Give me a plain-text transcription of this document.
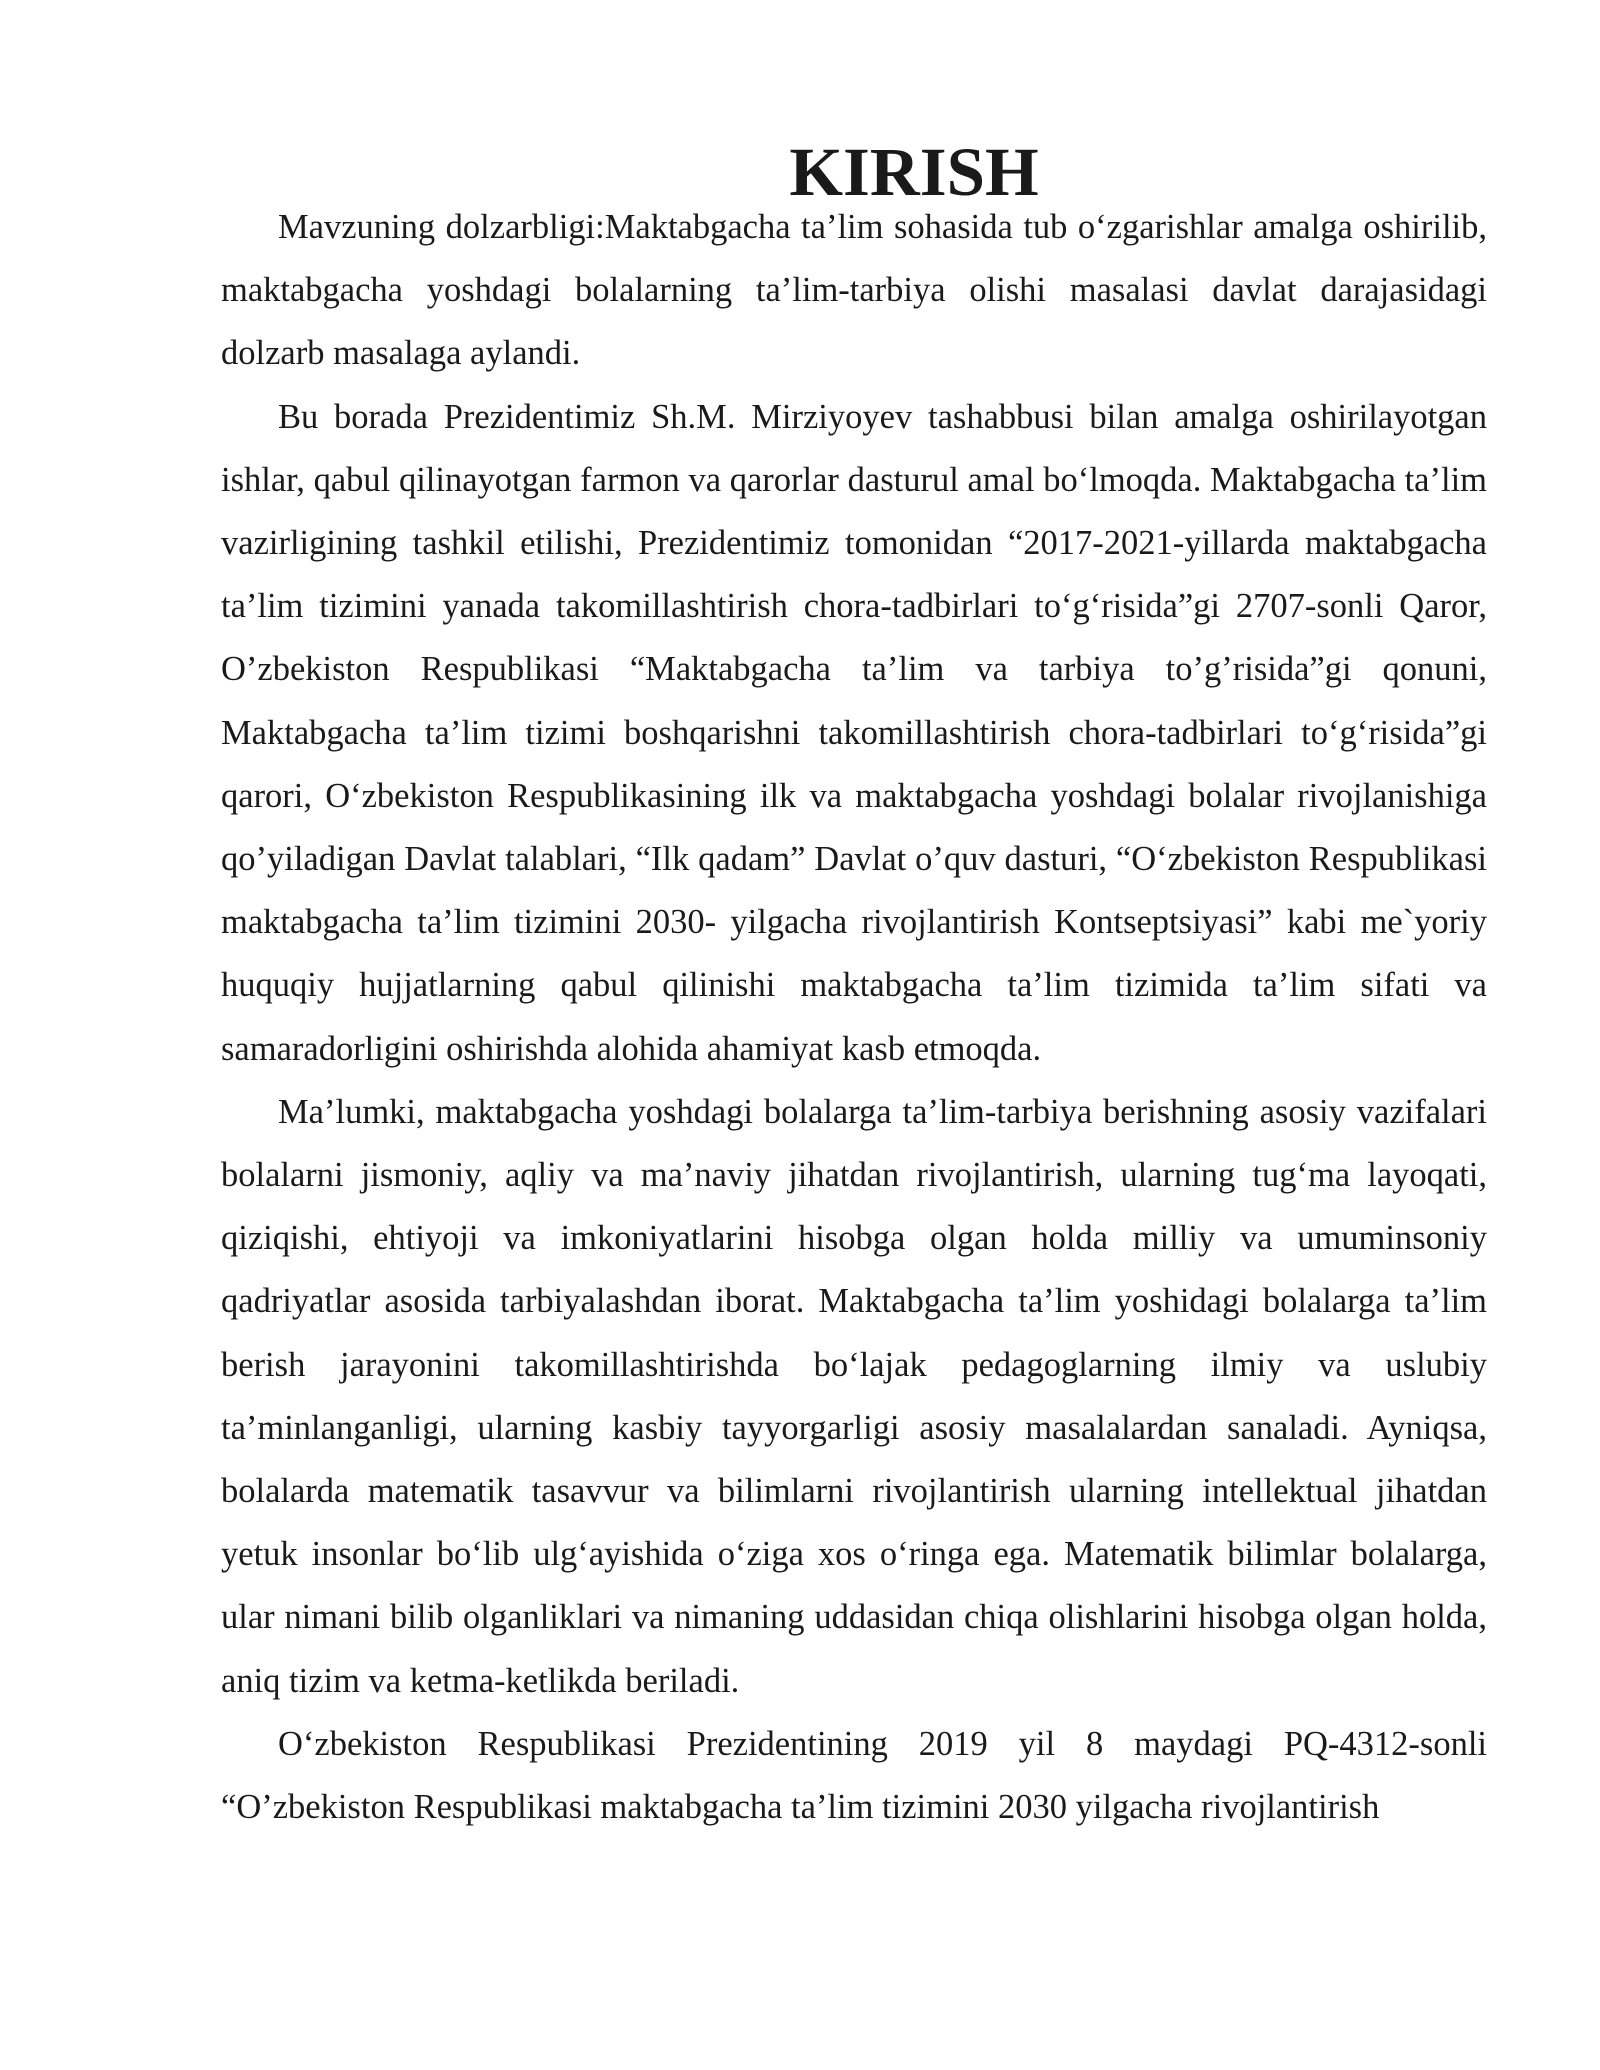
KIRISH

Mavzuning dolzarbligi:Maktabgacha ta’lim sohasida tub o‘zgarishlar amalga oshirilib, maktabgacha yoshdagi bolalarning ta’lim-tarbiya olishi masalasi davlat darajasidagi dolzarb masalaga aylandi.

Bu borada Prezidentimiz Sh.M. Mirziyoyev tashabbusi bilan amalga oshirilayotgan ishlar, qabul qilinayotgan farmon va qarorlar dasturul amal bo‘lmoqda. Maktabgacha ta’lim vazirligining tashkil etilishi, Prezidentimiz tomonidan “2017-2021-yillarda maktabgacha ta’lim tizimini yanada takomillashtirish chora-tadbirlari to‘g‘risida”gi 2707-sonli Qaror, O’zbekiston Respublikasi “Maktabgacha ta’lim va tarbiya to’g’risida”gi qonuni, Maktabgacha ta’lim tizimi boshqarishni takomillashtirish chora-tadbirlari to‘g‘risida”gi qarori, O‘zbekiston Respublikasining ilk va maktabgacha yoshdagi bolalar rivojlanishiga qo’yiladigan Davlat talablari, “Ilk qadam” Davlat o’quv dasturi, “O‘zbekiston Respublikasi maktabgacha ta’lim tizimini 2030- yilgacha rivojlantirish Kontseptsiyasi” kabi me`yoriy huquqiy hujjatlarning qabul qilinishi maktabgacha ta’lim tizimida ta’lim sifati va samaradorligini oshirishda alohida ahamiyat kasb etmoqda.

Ma’lumki, maktabgacha yoshdagi bolalarga ta’lim-tarbiya berishning asosiy vazifalari bolalarni jismoniy, aqliy va ma’naviy jihatdan rivojlantirish, ularning tug‘ma layoqati, qiziqishi, ehtiyoji va imkoniyatlarini hisobga olgan holda milliy va umuminsoniy qadriyatlar asosida tarbiyalashdan iborat. Maktabgacha ta’lim yoshidagi bolalarga ta’lim berish jarayonini takomillashtirishda bo‘lajak pedagoglarning ilmiy va uslubiy ta’minlanganligi, ularning kasbiy tayyorgarligi asosiy masalalardan sanaladi. Ayniqsa, bolalarda matematik tasavvur va bilimlarni rivojlantirish ularning intellektual jihatdan yetuk insonlar bo‘lib ulg‘ayishida o‘ziga xos o‘ringa ega. Matematik bilimlar bolalarga, ular nimani bilib olganliklari va nimaning uddasidan chiqa olishlarini hisobga olgan holda, aniq tizim va ketma-ketlikda beriladi.

O‘zbekiston Respublikasi Prezidentining 2019 yil 8 maydagi PQ-4312-sonli “O’zbekiston Respublikasi maktabgacha ta’lim tizimini 2030 yilgacha rivojlantirish
